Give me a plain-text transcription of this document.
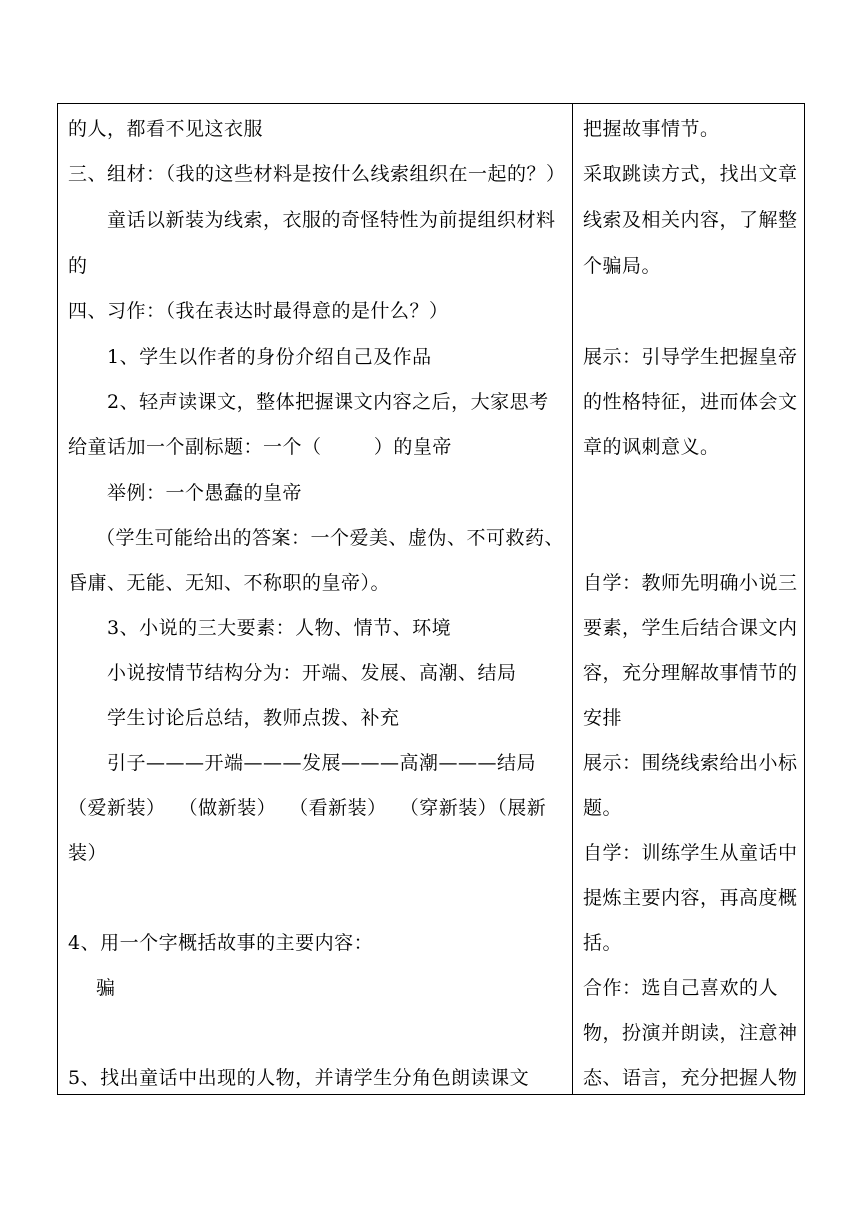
的人，都看不见这衣服
三、组材：（我的这些材料是按什么线索组织在一起的？）
童话以新装为线索，衣服的奇怪特性为前提组织材料
的
四、习作：（我在表达时最得意的是什么？）
1、学生以作者的身份介绍自己及作品
2、轻声读课文，整体把握课文内容之后，大家思考
给童话加一个副标题：一个（        ）的皇帝
举例：一个愚蠢的皇帝
（学生可能给出的答案：一个爱美、虚伪、不可救药、
昏庸、无能、无知、不称职的皇帝）。
3、小说的三大要素：人物、情节、环境
小说按情节结构分为：开端、发展、高潮、结局
学生讨论后总结，教师点拨、补充
引子———开端———发展———高潮———结局
（爱新装）  （做新装）  （看新装）  （穿新装）（展新
装）
4、用一个字概括故事的主要内容：
骗
5、找出童话中出现的人物，并请学生分角色朗读课文
把握故事情节。
采取跳读方式，找出文章
线索及相关内容，了解整
个骗局。
展示：引导学生把握皇帝
的性格特征，进而体会文
章的讽刺意义。
自学：教师先明确小说三
要素，学生后结合课文内
容，充分理解故事情节的
安排
展示：围绕线索给出小标
题。
自学：训练学生从童话中
提炼主要内容，再高度概
括。
合作：选自己喜欢的人
物，扮演并朗读，注意神
态、语言，充分把握人物
